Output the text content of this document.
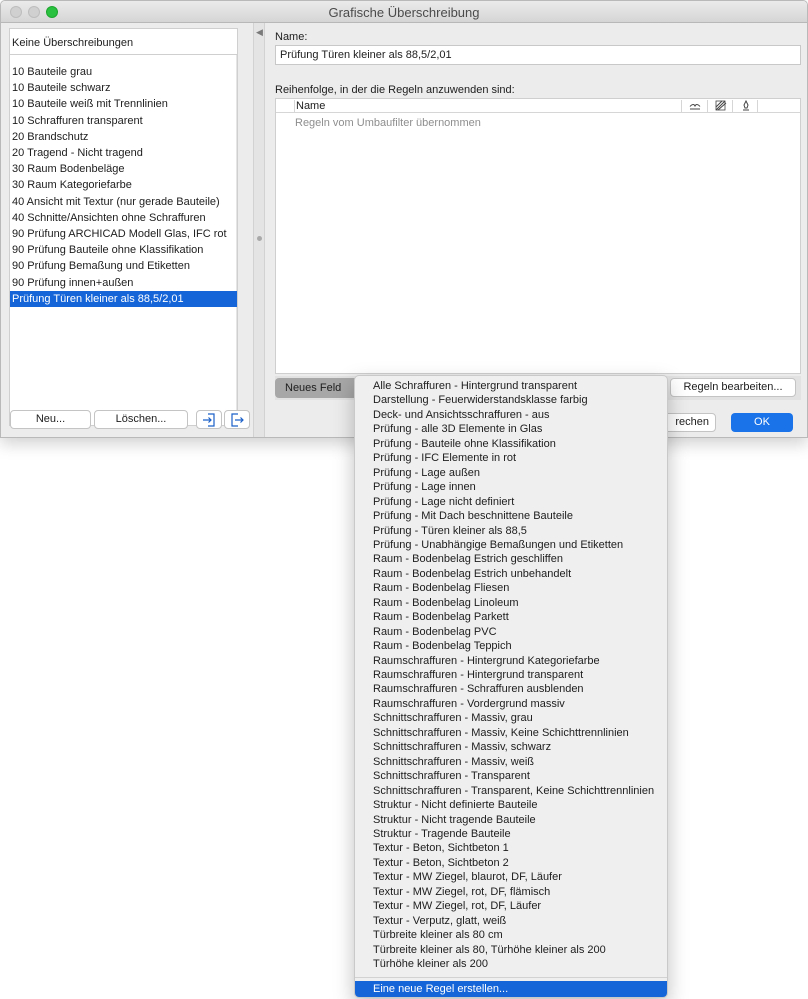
Grafische Überschreibung
Keine Überschreibungen
10 Bauteile grau
10 Bauteile schwarz
10 Bauteile weiß mit Trennlinien
10 Schraffuren transparent
20 Brandschutz
20 Tragend - Nicht tragend
30 Raum Bodenbeläge
30 Raum Kategoriefarbe
40 Ansicht mit Textur (nur gerade Bauteile)
40 Schnitte/Ansichten ohne Schraffuren
90 Prüfung ARCHICAD Modell Glas, IFC rot
90 Prüfung Bauteile ohne Klassifikation
90 Prüfung Bemaßung und Etiketten
90 Prüfung innen+außen
Prüfung Türen kleiner als 88,5/2,01
Neu...	Löschen...
◀ Name:
Prüfung Türen kleiner als 88,5/2,01
Reihenfolge, in der die Regeln anzuwenden sind:
Name
Regeln vom Umbaufilter übernommen
Neues Feld	Regeln bearbeiten...
rechen	OK
Eine neue Regel erstellen...
Alle Schraffuren - Hintergrund transparent
Darstellung - Feuerwiderstandsklasse farbig
Deck- und Ansichtsschraffuren - aus
Prüfung - alle 3D Elemente in Glas
Prüfung - Bauteile ohne Klassifikation
Prüfung - IFC Elemente in rot
Prüfung - Lage außen
Prüfung - Lage innen
Prüfung - Lage nicht definiert
Prüfung - Mit Dach beschnittene Bauteile
Prüfung - Türen kleiner als 88,5
Prüfung - Unabhängige Bemaßungen und Etiketten
Raum - Bodenbelag Estrich geschliffen
Raum - Bodenbelag Estrich unbehandelt
Raum - Bodenbelag Fliesen
Raum - Bodenbelag Linoleum
Raum - Bodenbelag Parkett
Raum - Bodenbelag PVC
Raum - Bodenbelag Teppich
Raumschraffuren - Hintergrund Kategoriefarbe
Raumschraffuren - Hintergrund transparent
Raumschraffuren - Schraffuren ausblenden
Raumschraffuren - Vordergrund massiv
Schnittschraffuren - Massiv, grau
Schnittschraffuren - Massiv, Keine Schichttrennlinien
Schnittschraffuren - Massiv, schwarz
Schnittschraffuren - Massiv, weiß
Schnittschraffuren - Transparent
Schnittschraffuren - Transparent, Keine Schichttrennlinien
Struktur - Nicht definierte Bauteile
Struktur - Nicht tragende Bauteile
Struktur - Tragende Bauteile
Textur - Beton, Sichtbeton 1
Textur - Beton, Sichtbeton 2
Textur - MW Ziegel, blaurot, DF, Läufer
Textur - MW Ziegel, rot, DF, flämisch
Textur - MW Ziegel, rot, DF, Läufer
Textur - Verputz, glatt, weiß
Türbreite kleiner als 80 cm
Türbreite kleiner als 80, Türhöhe kleiner als 200
Türhöhe kleiner als 200
